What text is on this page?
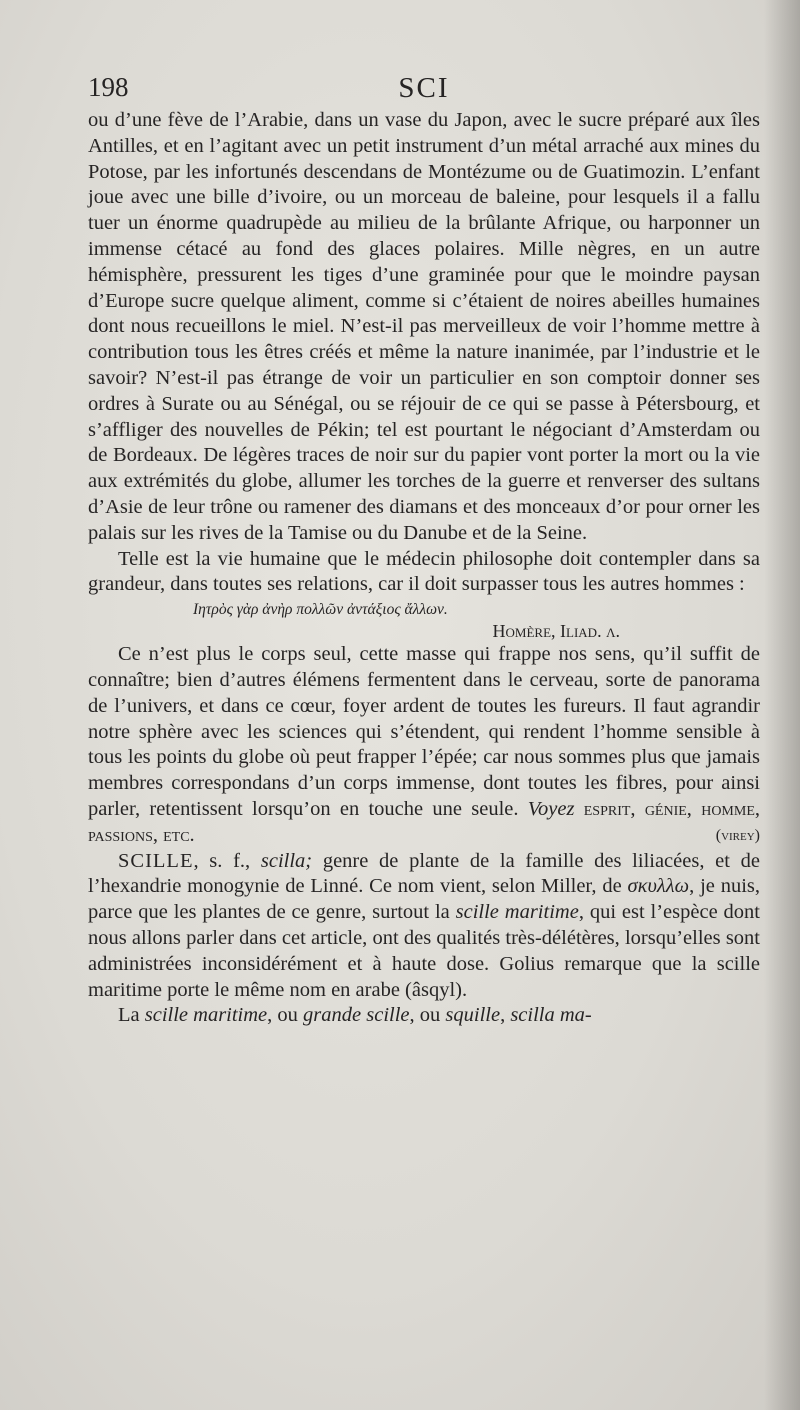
198	SCI

ou d’une fève de l’Arabie, dans un vase du Japon, avec le sucre préparé aux îles Antilles, et en l’agitant avec un petit instrument d’un métal arraché aux mines du Potose, par les infortunés descendans de Montézume ou de Guatimozin. L’enfant joue avec une bille d’ivoire, ou un morceau de baleine, pour lesquels il a fallu tuer un énorme quadrupède au milieu de la brûlante Afrique, ou harponner un immense cétacé au fond des glaces polaires. Mille nègres, en un autre hémisphère, pressurent les tiges d’une graminée pour que le moindre paysan d’Europe sucre quelque aliment, comme si c’étaient de noires abeilles humaines dont nous recueillons le miel. N’est-il pas merveilleux de voir l’homme mettre à contribution tous les êtres créés et même la nature inanimée, par l’industrie et le savoir? N’est-il pas étrange de voir un particulier en son comptoir donner ses ordres à Surate ou au Sénégal, ou se réjouir de ce qui se passe à Pétersbourg, et s’affliger des nouvelles de Pékin; tel est pourtant le négociant d’Amsterdam ou de Bordeaux. De légères traces de noir sur du papier vont porter la mort ou la vie aux extrémités du globe, allumer les torches de la guerre et renverser des sultans d’Asie de leur trône ou ramener des diamans et des monceaux d’or pour orner les palais sur les rives de la Tamise ou du Danube et de la Seine.

Telle est la vie humaine que le médecin philosophe doit contempler dans sa grandeur, dans toutes ses relations, car il doit surpasser tous les autres hommes :

Ιητρὸς γὰρ ἀνὴρ πολλῶν ἀντάξιος ἄλλων.

Homère, Iliad. λ.

Ce n’est plus le corps seul, cette masse qui frappe nos sens, qu’il suffit de connaître; bien d’autres élémens fermentent dans le cerveau, sorte de panorama de l’univers, et dans ce cœur, foyer ardent de toutes les fureurs. Il faut agrandir notre sphère avec les sciences qui s’étendent, qui rendent l’homme sensible à tous les points du globe où peut frapper l’épée; car nous sommes plus que jamais membres correspondans d’un corps immense, dont toutes les fibres, pour ainsi parler, retentissent lorsqu’on en touche une seule. Voyez esprit, génie, homme, passions, etc.	(virey)

SCILLE, s. f., scilla; genre de plante de la famille des liliacées, et de l’hexandrie monogynie de Linné. Ce nom vient, selon Miller, de σκυλλω, je nuis, parce que les plantes de ce genre, surtout la scille maritime, qui est l’espèce dont nous allons parler dans cet article, ont des qualités très-délétères, lorsqu’elles sont administrées inconsidérément et à haute dose. Golius remarque que la scille maritime porte le même nom en arabe (âsqyl).

La scille maritime, ou grande scille, ou squille, scilla ma-
